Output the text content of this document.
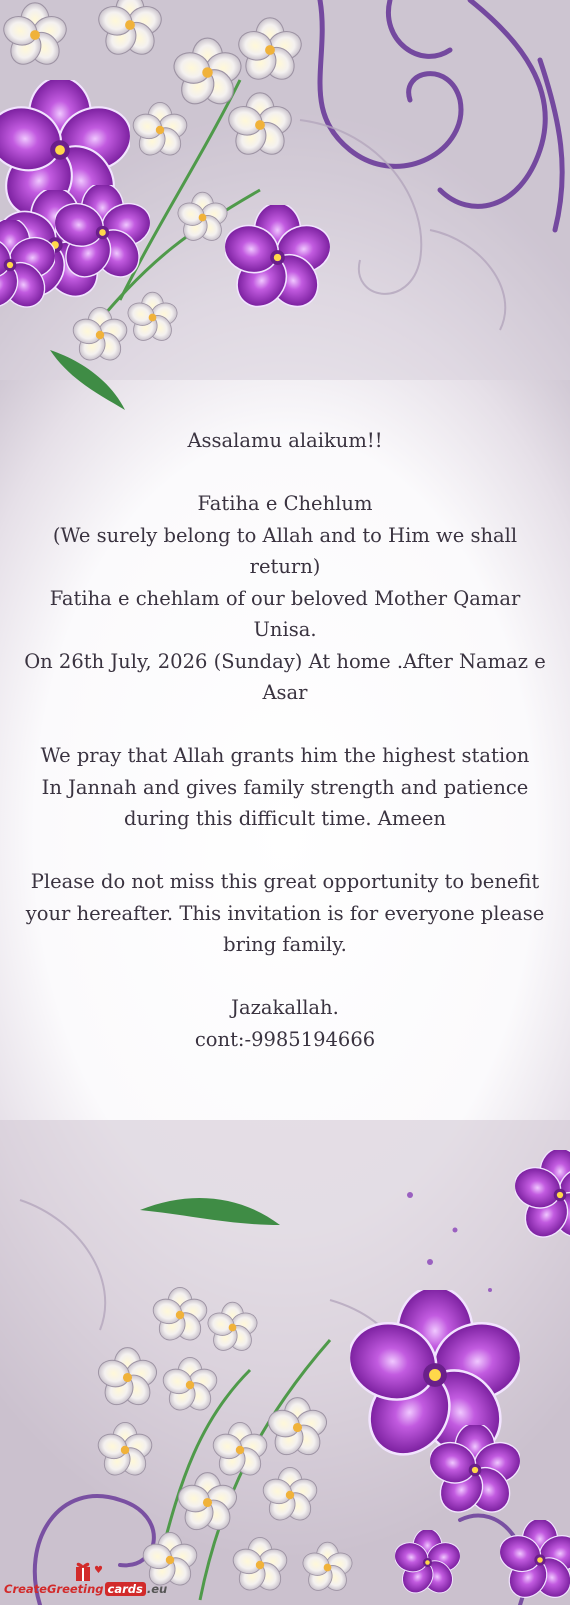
Assalamu alaikum!!

Fatiha e Chehlum

(We surely belong to Allah and to Him we shall

return)

Fatiha e chehlam of our beloved Mother Qamar

Unisa.

On 26th July, 2026 (Sunday) At home .After Namaz e

Asar

We pray that Allah grants him the highest station

In Jannah and gives family strength and patience

during this difficult time. Ameen

Please do not miss this great opportunity to benefit

your hereafter. This invitation is for everyone please

bring family.

Jazakallah.

cont:-9985194666

♥
CreateGreeting cards .eu
